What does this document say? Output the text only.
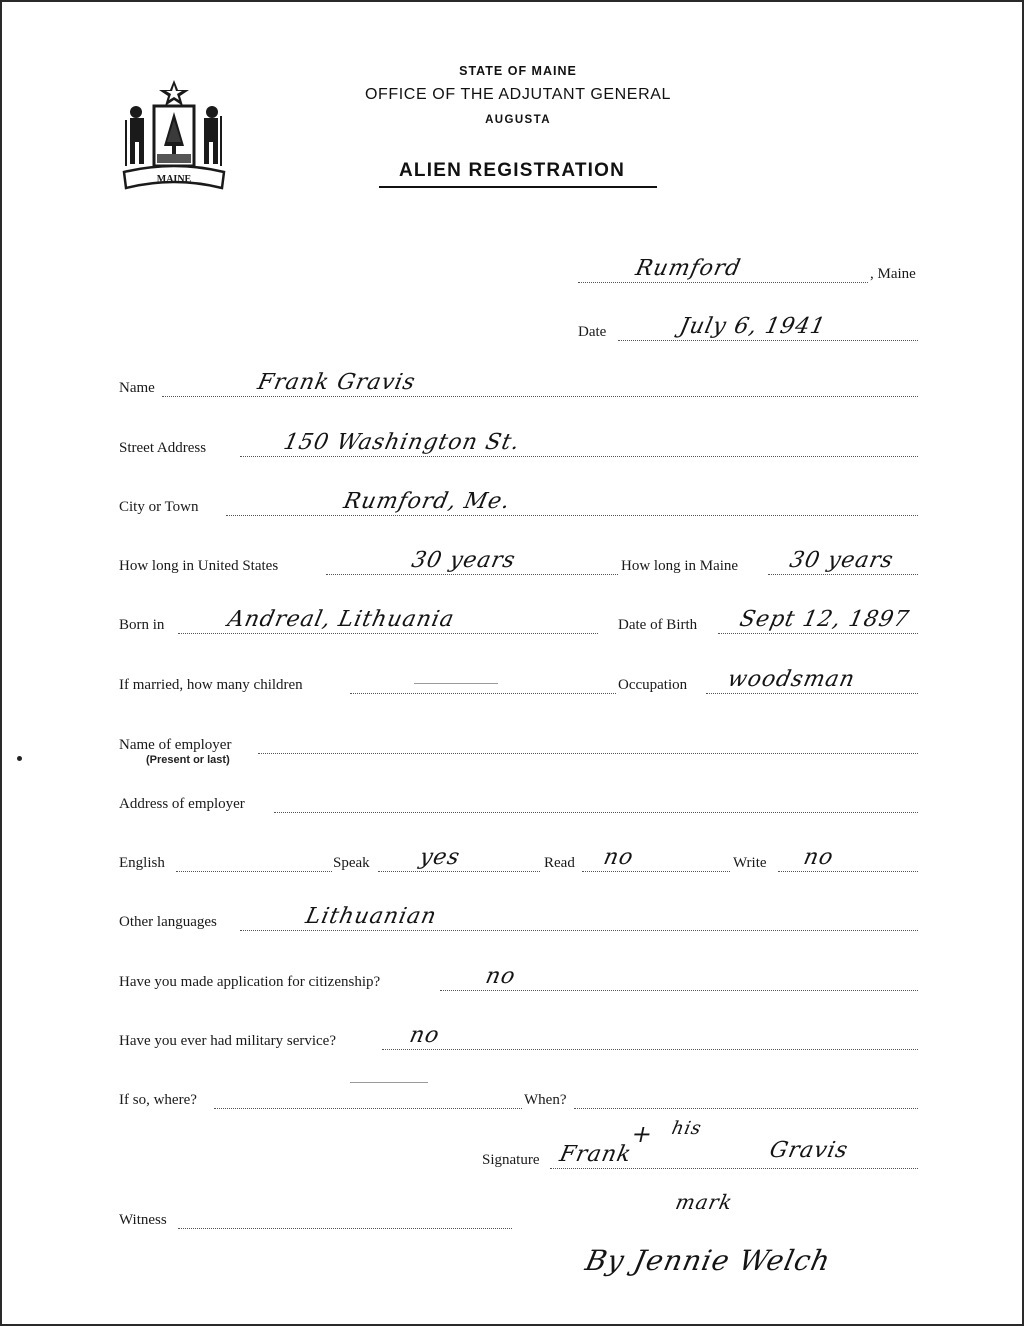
MAINE
STATE OF MAINE
OFFICE OF THE ADJUTANT GENERAL
AUGUSTA
ALIEN REGISTRATION
Rumford	, Maine
Date	July 6, 1941
Name	Frank Gravis
Street Address	150 Washington St.
City or Town	Rumford, Me.
How long in United States	30 years	How long in Maine 30 years
Born in	Andreal, Lithuania	Date of Birth Sept 12, 1897
If married, how many children	Occupation woodsman
Name of employer
(Present or last)
Address of employer
English	Speak yes	Read no	Write no
Other languages	Lithuanian
Have you made application for citizenship?	no
Have you ever had military service?	no
If so, where?	When?
Signature Frank
+ his
Gravis
Witness
mark
By Jennie Welch
